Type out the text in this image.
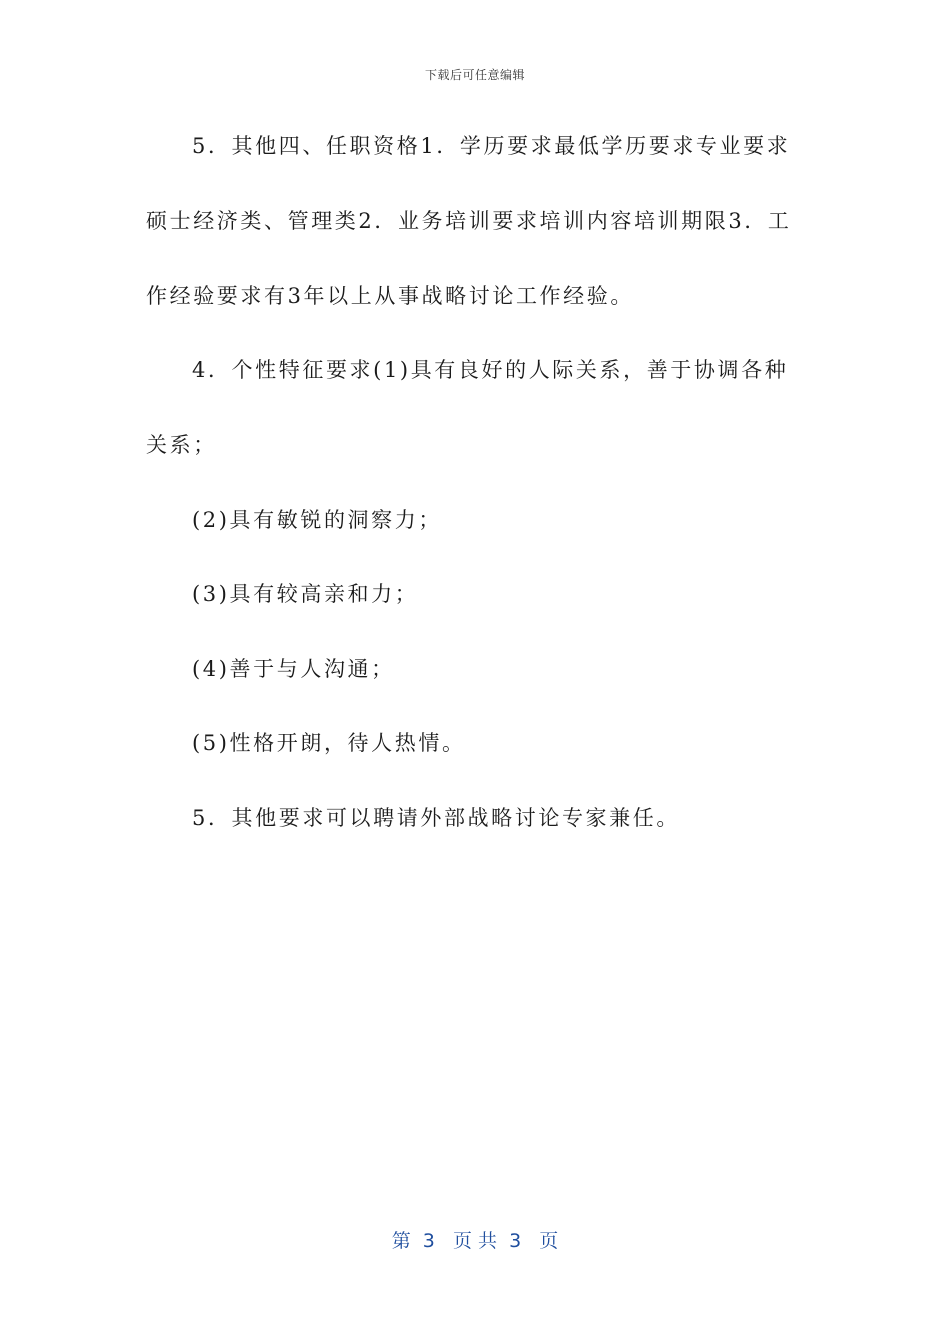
下载后可任意编辑
5．其他四、任职资格1．学历要求最低学历要求专业要求
硕士经济类、管理类2．业务培训要求培训内容培训期限3．工
作经验要求有3年以上从事战略讨论工作经验。
4．个性特征要求(1)具有良好的人际关系，善于协调各种
关系；
(2)具有敏锐的洞察力；
(3)具有较高亲和力；
(4)善于与人沟通；
(5)性格开朗，待人热情。
5．其他要求可以聘请外部战略讨论专家兼任。
第  3   页 共  3   页
